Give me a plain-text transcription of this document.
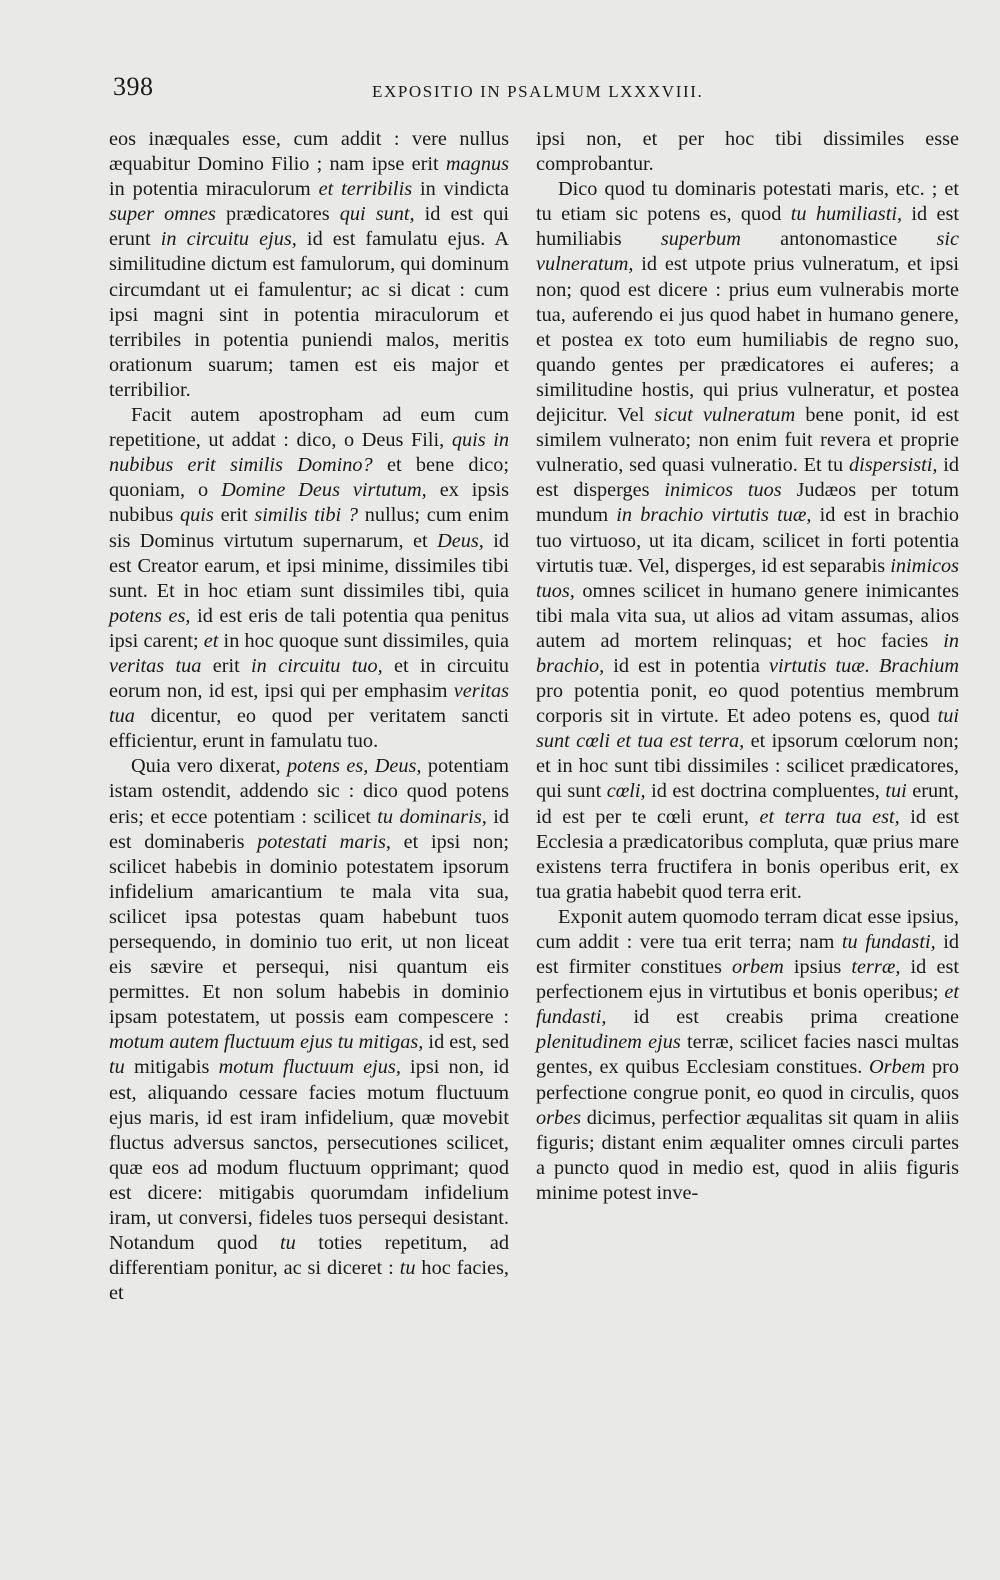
398	EXPOSITIO IN PSALMUM LXXXVIII.

eos inæquales esse, cum addit : vere nullus æquabitur Domino Filio ; nam ipse erit magnus in potentia miraculorum et terribilis in vindicta super omnes prædicatores qui sunt, id est qui erunt in circuitu ejus, id est famulatu ejus. A similitudine dictum est famulorum, qui dominum circumdant ut ei famulentur; ac si dicat : cum ipsi magni sint in potentia miraculorum et terribiles in potentia puniendi malos, meritis orationum suarum; tamen est eis major et terribilior.

Facit autem apostropham ad eum cum repetitione, ut addat : dico, o Deus Fili, quis in nubibus erit similis Domino? et bene dico; quoniam, o Domine Deus virtutum, ex ipsis nubibus quis erit similis tibi ? nullus; cum enim sis Dominus virtutum supernarum, et Deus, id est Creator earum, et ipsi minime, dissimiles tibi sunt. Et in hoc etiam sunt dissimiles tibi, quia potens es, id est eris de tali potentia qua penitus ipsi carent; et in hoc quoque sunt dissimiles, quia veritas tua erit in circuitu tuo, et in circuitu eorum non, id est, ipsi qui per emphasim veritas tua dicentur, eo quod per veritatem sancti efficientur, erunt in famulatu tuo.

Quia vero dixerat, potens es, Deus, potentiam istam ostendit, addendo sic : dico quod potens eris; et ecce potentiam : scilicet tu dominaris, id est dominaberis potestati maris, et ipsi non; scilicet habebis in dominio potestatem ipsorum infidelium amaricantium te mala vita sua, scilicet ipsa potestas quam habebunt tuos persequendo, in dominio tuo erit, ut non liceat eis sævire et persequi, nisi quantum eis permittes. Et non solum habebis in dominio ipsam potestatem, ut possis eam compescere : motum autem fluctuum ejus tu mitigas, id est, sed tu mitigabis motum fluctuum ejus, ipsi non, id est, aliquando cessare facies motum fluctuum ejus maris, id est iram infidelium, quæ movebit fluctus adversus sanctos, persecutiones scilicet, quæ eos ad modum fluctuum opprimant; quod est dicere: mitigabis quorumdam infidelium iram, ut conversi, fideles tuos persequi desistant. Notandum quod tu toties repetitum, ad differentiam ponitur, ac si diceret : tu hoc facies, et

ipsi non, et per hoc tibi dissimiles esse comprobantur.

Dico quod tu dominaris potestati maris, etc. ; et tu etiam sic potens es, quod tu humiliasti, id est humiliabis superbum antonomastice sic vulneratum, id est utpote prius vulneratum, et ipsi non; quod est dicere : prius eum vulnerabis morte tua, auferendo ei jus quod habet in humano genere, et postea ex toto eum humiliabis de regno suo, quando gentes per prædicatores ei auferes; a similitudine hostis, qui prius vulneratur, et postea dejicitur. Vel sicut vulneratum bene ponit, id est similem vulnerato; non enim fuit revera et proprie vulneratio, sed quasi vulneratio. Et tu dispersisti, id est disperges inimicos tuos Judæos per totum mundum in brachio virtutis tuæ, id est in brachio tuo virtuoso, ut ita dicam, scilicet in forti potentia virtutis tuæ. Vel, disperges, id est separabis inimicos tuos, omnes scilicet in humano genere inimicantes tibi mala vita sua, ut alios ad vitam assumas, alios autem ad mortem relinquas; et hoc facies in brachio, id est in potentia virtutis tuæ. Brachium pro potentia ponit, eo quod potentius membrum corporis sit in virtute. Et adeo potens es, quod tui sunt cœli et tua est terra, et ipsorum cœlorum non; et in hoc sunt tibi dissimiles : scilicet prædicatores, qui sunt cœli, id est doctrina compluentes, tui erunt, id est per te cœli erunt, et terra tua est, id est Ecclesia a prædicatoribus compluta, quæ prius mare existens terra fructifera in bonis operibus erit, ex tua gratia habebit quod terra erit.

Exponit autem quomodo terram dicat esse ipsius, cum addit : vere tua erit terra; nam tu fundasti, id est firmiter constitues orbem ipsius terræ, id est perfectionem ejus in virtutibus et bonis operibus; et fundasti, id est creabis prima creatione plenitudinem ejus terræ, scilicet facies nasci multas gentes, ex quibus Ecclesiam constitues. Orbem pro perfectione congrue ponit, eo quod in circulis, quos orbes dicimus, perfectior æqualitas sit quam in aliis figuris; distant enim æqualiter omnes circuli partes a puncto quod in medio est, quod in aliis figuris minime potest inve-
